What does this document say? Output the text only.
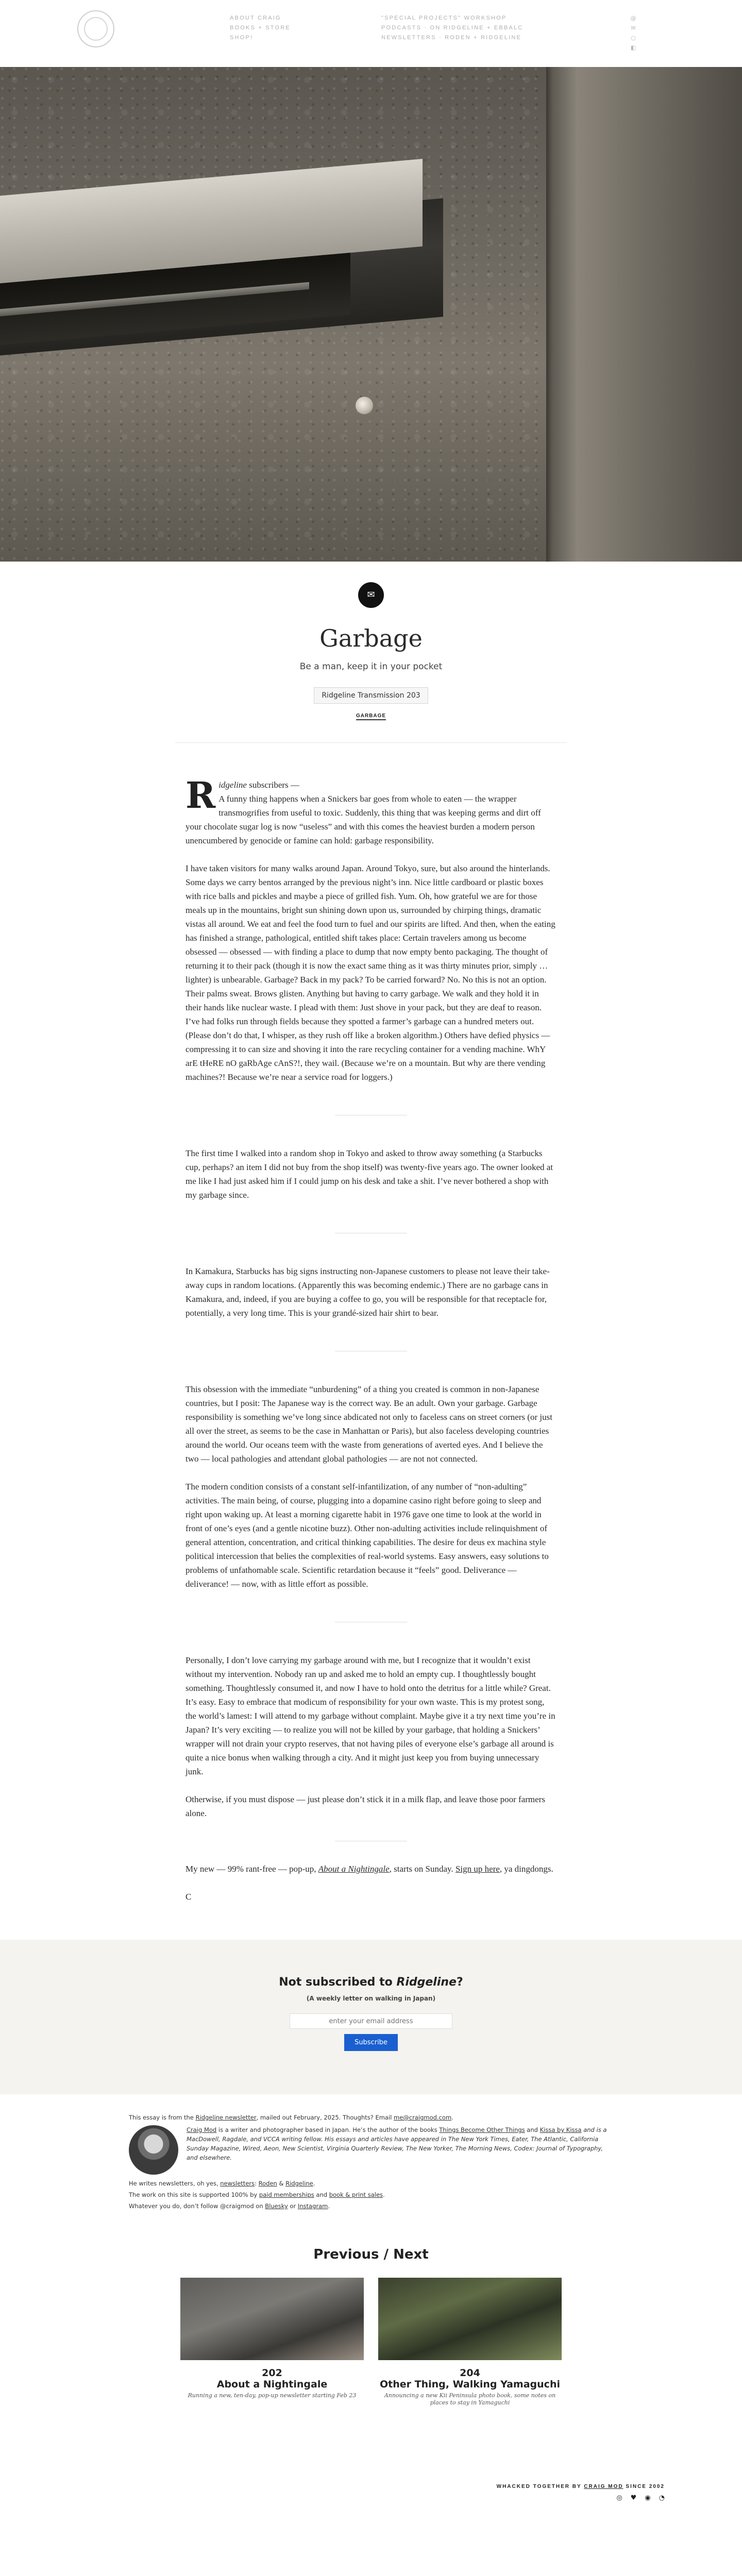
ABOUT CRAIG
BOOKS + STORE
SHOP!
"SPECIAL PROJECTS" WORKSHOP
PODCASTS · ON RIDGELINE + EBBALC
NEWSLETTERS · RODEN + RIDGELINE
@
✉
○
◧
✉
Garbage
Be a man, keep it in your pocket
Ridgeline Transmission 203
GARBAGE

Ridgeline subscribers —
A funny thing happens when a Snickers bar goes from whole to eaten — the wrapper transmogrifies from useful to toxic. Suddenly, this thing that was keeping germs and dirt off your chocolate sugar log is now “useless” and with this comes the heaviest burden a modern person unencumbered by genocide or famine can hold: garbage responsibility.

I have taken visitors for many walks around Japan. Around Tokyo, sure, but also around the hinterlands. Some days we carry bentos arranged by the previous night’s inn. Nice little cardboard or plastic boxes with rice balls and pickles and maybe a piece of grilled fish. Yum. Oh, how grateful we are for those meals up in the mountains, bright sun shining down upon us, surrounded by chirping things, dramatic vistas all around. We eat and feel the food turn to fuel and our spirits are lifted. And then, when the eating has finished a strange, pathological, entitled shift takes place: Certain travelers among us become obsessed — obsessed — with finding a place to dump that now empty bento packaging. The thought of returning it to their pack (though it is now the exact same thing as it was thirty minutes prior, simply … lighter) is unbearable. Garbage? Back in my pack? To be carried forward? No. No this is not an option. Their palms sweat. Brows glisten. Anything but having to carry garbage. We walk and they hold it in their hands like nuclear waste. I plead with them: Just shove in your pack, but they are deaf to reason. I’ve had folks run through fields because they spotted a farmer’s garbage can a hundred meters out. (Please don’t do that, I whisper, as they rush off like a broken algorithm.) Others have defied physics — compressing it to can size and shoving it into the rare recycling container for a vending machine. WhY arE tHeRE nO gaRbAge cAnS?!, they wail. (Because we’re on a mountain. But why are there vending machines?! Because we’re near a service road for loggers.)

The first time I walked into a random shop in Tokyo and asked to throw away something (a Starbucks cup, perhaps? an item I did not buy from the shop itself) was twenty-five years ago. The owner looked at me like I had just asked him if I could jump on his desk and take a shit. I’ve never bothered a shop with my garbage since.

In Kamakura, Starbucks has big signs instructing non-Japanese customers to please not leave their take-away cups in random locations. (Apparently this was becoming endemic.) There are no garbage cans in Kamakura, and, indeed, if you are buying a coffee to go, you will be responsible for that receptacle for, potentially, a very long time. This is your grandé-sized hair shirt to bear.

This obsession with the immediate “unburdening” of a thing you created is common in non-Japanese countries, but I posit: The Japanese way is the correct way. Be an adult. Own your garbage. Garbage responsibility is something we’ve long since abdicated not only to faceless cans on street corners (or just all over the street, as seems to be the case in Manhattan or Paris), but also faceless developing countries around the world. Our oceans teem with the waste from generations of averted eyes. And I believe the two — local pathologies and attendant global pathologies — are not not connected.

The modern condition consists of a constant self-infantilization, of any number of “non-adulting” activities. The main being, of course, plugging into a dopamine casino right before going to sleep and right upon waking up. At least a morning cigarette habit in 1976 gave one time to look at the world in front of one’s eyes (and a gentle nicotine buzz). Other non-adulting activities include relinquishment of general attention, concentration, and critical thinking capabilities. The desire for deus ex machina style political intercession that belies the complexities of real-world systems. Easy answers, easy solutions to problems of unfathomable scale. Scientific retardation because it “feels” good. Deliverance — deliverance! — now, with as little effort as possible.

Personally, I don’t love carrying my garbage around with me, but I recognize that it wouldn’t exist without my intervention. Nobody ran up and asked me to hold an empty cup. I thoughtlessly bought something. Thoughtlessly consumed it, and now I have to hold onto the detritus for a little while? Great. It’s easy. Easy to embrace that modicum of responsibility for your own waste. This is my protest song, the world’s lamest: I will attend to my garbage without complaint. Maybe give it a try next time you’re in Japan? It’s very exciting — to realize you will not be killed by your garbage, that holding a Snickers’ wrapper will not drain your crypto reserves, that not having piles of everyone else’s garbage all around is quite a nice bonus when walking through a city. And it might just keep you from buying unnecessary junk.

Otherwise, if you must dispose — just please don’t stick it in a milk flap, and leave those poor farmers alone.

My new — 99% rant-free — pop-up, About a Nightingale, starts on Sunday. Sign up here, ya dingdongs.

C

Not subscribed to Ridgeline?
(A weekly letter on walking in Japan)
enter your email address Subscribe
This essay is from the Ridgeline newsletter, mailed out February, 2025. Thoughts? Email me@craigmod.com.
Craig Mod is a writer and photographer based in Japan. He’s the author of the books Things Become Other Things and Kissa by Kissa and is a MacDowell, Ragdale, and VCCA writing fellow. His essays and articles have appeared in The New York Times, Eater, The Atlantic, California Sunday Magazine, Wired, Aeon, New Scientist, Virginia Quarterly Review, The New Yorker, The Morning News, Codex: Journal of Typography, and elsewhere.
He writes newsletters, oh yes, newsletters: Roden & Ridgeline.
The work on this site is supported 100% by paid memberships and book & print sales.
Whatever you do, don’t follow @craigmod on Bluesky or Instagram.
Previous / Next
202
About a Nightingale
Running a new, ten-day, pop-up newsletter starting Feb 23
204
Other Thing, Walking Yamaguchi
Announcing a new Kii Peninsula photo book, some notes on places to stay in Yamaguchi
WHACKED TOGETHER BY CRAIG MOD SINCE 2002
◎ ♥ ◉ ◔
